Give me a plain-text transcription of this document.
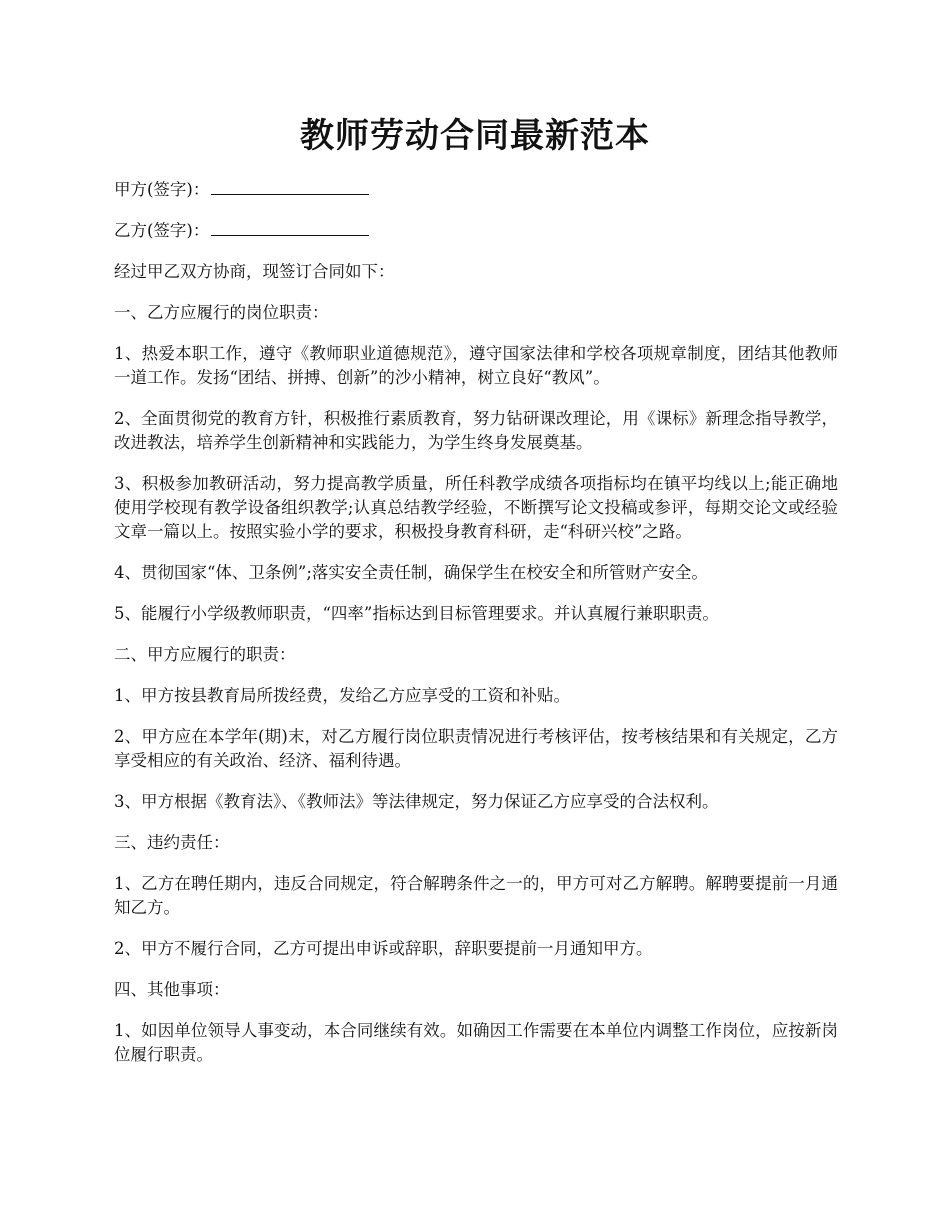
教师劳动合同最新范本

甲方(签字)：

乙方(签字)：

经过甲乙双方协商，现签订合同如下：

一、乙方应履行的岗位职责：

1、热爱本职工作，遵守《教师职业道德规范》，遵守国家法律和学校各项规章制度，团结其他教师一道工作。发扬“团结、拼搏、创新”的沙小精神，树立良好“教风”。

2、全面贯彻党的教育方针，积极推行素质教育，努力钻研课改理论，用《课标》新理念指导教学，改进教法，培养学生创新精神和实践能力，为学生终身发展奠基。

3、积极参加教研活动，努力提高教学质量，所任科教学成绩各项指标均在镇平均线以上;能正确地使用学校现有教学设备组织教学;认真总结教学经验，不断撰写论文投稿或参评，每期交论文或经验文章一篇以上。按照实验小学的要求，积极投身教育科研，走“科研兴校”之路。

4、贯彻国家“体、卫条例”;落实安全责任制，确保学生在校安全和所管财产安全。

5、能履行小学级教师职责，“四率”指标达到目标管理要求。并认真履行兼职职责。

二、甲方应履行的职责：

1、甲方按县教育局所拨经费，发给乙方应享受的工资和补贴。

2、甲方应在本学年(期)末，对乙方履行岗位职责情况进行考核评估，按考核结果和有关规定，乙方享受相应的有关政治、经济、福利待遇。

3、甲方根据《教育法》、《教师法》等法律规定，努力保证乙方应享受的合法权利。

三、违约责任：

1、乙方在聘任期内，违反合同规定，符合解聘条件之一的，甲方可对乙方解聘。解聘要提前一月通知乙方。

2、甲方不履行合同，乙方可提出申诉或辞职，辞职要提前一月通知甲方。

四、其他事项：

1、如因单位领导人事变动，本合同继续有效。如确因工作需要在本单位内调整工作岗位，应按新岗位履行职责。
